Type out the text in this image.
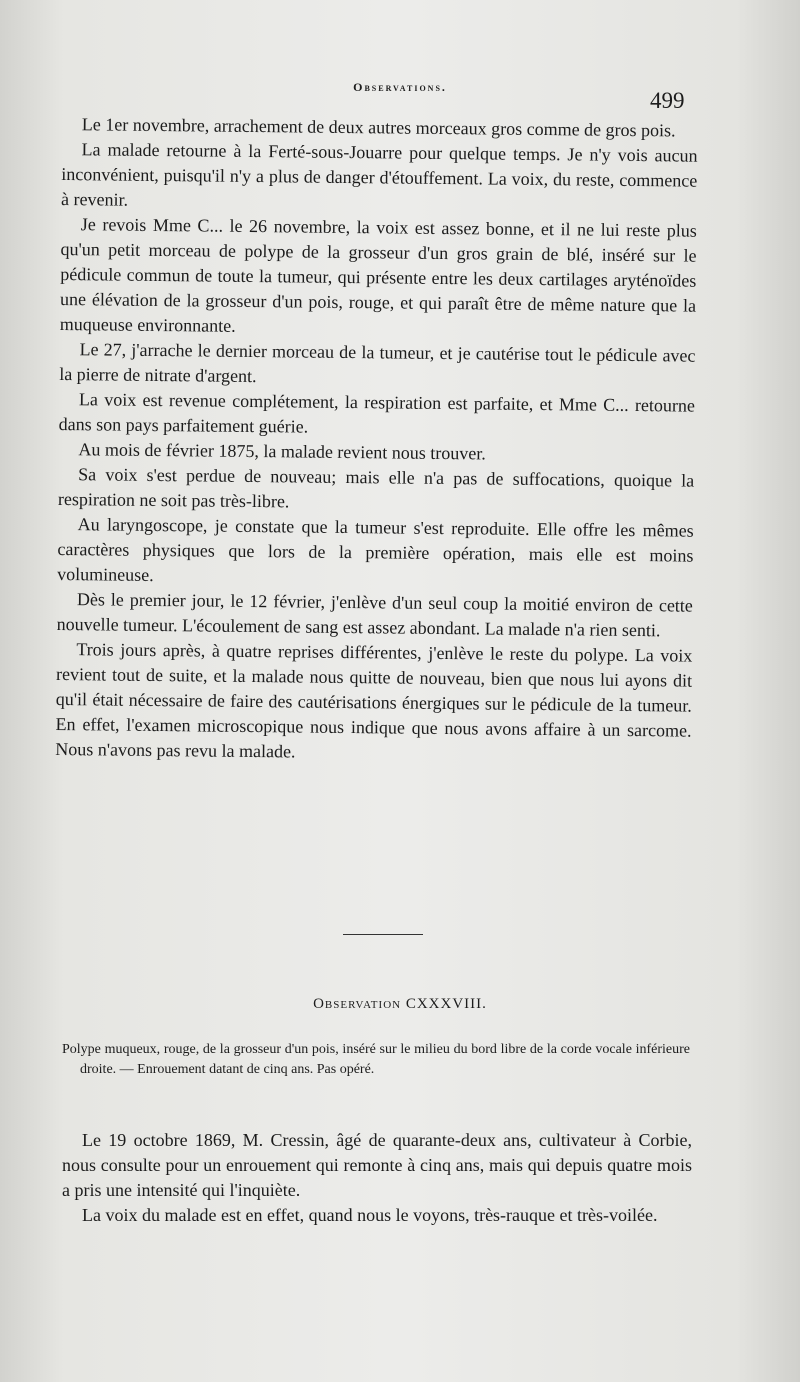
Observations.
499

Le 1er novembre, arrachement de deux autres morceaux gros comme de gros pois.

La malade retourne à la Ferté-sous-Jouarre pour quelque temps. Je n'y vois aucun inconvénient, puisqu'il n'y a plus de danger d'étouffement. La voix, du reste, commence à revenir.

Je revois Mme C... le 26 novembre, la voix est assez bonne, et il ne lui reste plus qu'un petit morceau de polype de la grosseur d'un gros grain de blé, inséré sur le pédicule commun de toute la tumeur, qui présente entre les deux cartilages aryténoïdes une élévation de la grosseur d'un pois, rouge, et qui paraît être de même nature que la muqueuse environnante.

Le 27, j'arrache le dernier morceau de la tumeur, et je cautérise tout le pédicule avec la pierre de nitrate d'argent.

La voix est revenue complétement, la respiration est parfaite, et Mme C... retourne dans son pays parfaitement guérie.

Au mois de février 1875, la malade revient nous trouver.

Sa voix s'est perdue de nouveau; mais elle n'a pas de suffocations, quoique la respiration ne soit pas très-libre.

Au laryngoscope, je constate que la tumeur s'est reproduite. Elle offre les mêmes caractères physiques que lors de la première opération, mais elle est moins volumineuse.

Dès le premier jour, le 12 février, j'enlève d'un seul coup la moitié environ de cette nouvelle tumeur. L'écoulement de sang est assez abondant. La malade n'a rien senti.

Trois jours après, à quatre reprises différentes, j'enlève le reste du polype. La voix revient tout de suite, et la malade nous quitte de nouveau, bien que nous lui ayons dit qu'il était nécessaire de faire des cautérisations énergiques sur le pédicule de la tumeur. En effet, l'examen microscopique nous indique que nous avons affaire à un sarcome. Nous n'avons pas revu la malade.

Observation CXXXVIII.
Polype muqueux, rouge, de la grosseur d'un pois, inséré sur le milieu du bord libre de la corde vocale inférieure droite. — Enrouement datant de cinq ans. Pas opéré.

Le 19 octobre 1869, M. Cressin, âgé de quarante-deux ans, cultivateur à Corbie, nous consulte pour un enrouement qui remonte à cinq ans, mais qui depuis quatre mois a pris une intensité qui l'inquiète.

La voix du malade est en effet, quand nous le voyons, très-rauque et très-voilée.
